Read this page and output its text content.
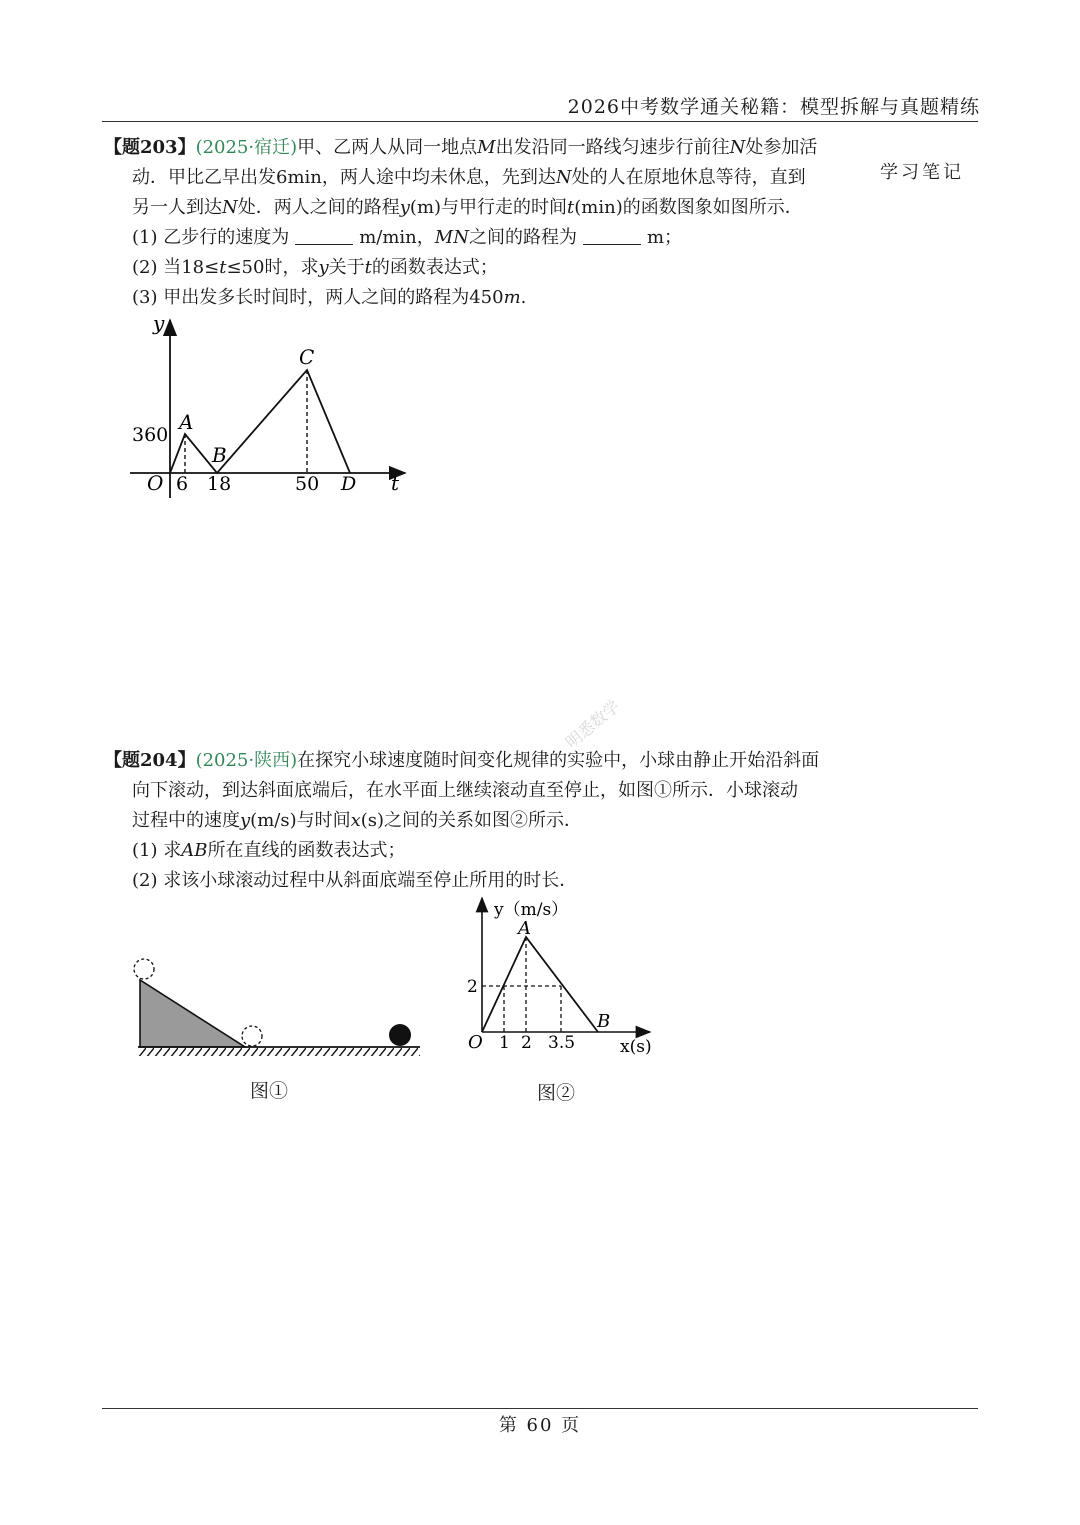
2026中考数学通关秘籍：模型拆解与真题精练
学习笔记
【题203】(2025·宿迁)甲、乙两人从同一地点M出发沿同一路线匀速步行前往N处参加活
动．甲比乙早出发6min，两人途中均未休息，先到达N处的人在原地休息等待，直到
另一人到达N处．两人之间的路程y(m)与甲行走的时间t(min)的函数图象如图所示．
(1) 乙步行的速度为	m/min，MN之间的路程为	m；
(2) 当18≤t≤50时，求y关于t的函数表达式；
(3) 甲出发多长时间时，两人之间的路程为450m.
y
t
O
360
6 18	50 D
A
B
C
明悉数学
【题204】(2025·陕西)在探究小球速度随时间变化规律的实验中，小球由静止开始沿斜面
向下滚动，到达斜面底端后，在水平面上继续滚动直至停止，如图①所示．小球滚动
过程中的速度y(m/s)与时间x(s)之间的关系如图②所示．
(1) 求AB所在直线的函数表达式；
(2) 求该小球滚动过程中从斜面底端至停止所用的时长．
图①
y（m/s）
x(s)
O
2
1 2 3.5
A
B
图②
第 60 页
